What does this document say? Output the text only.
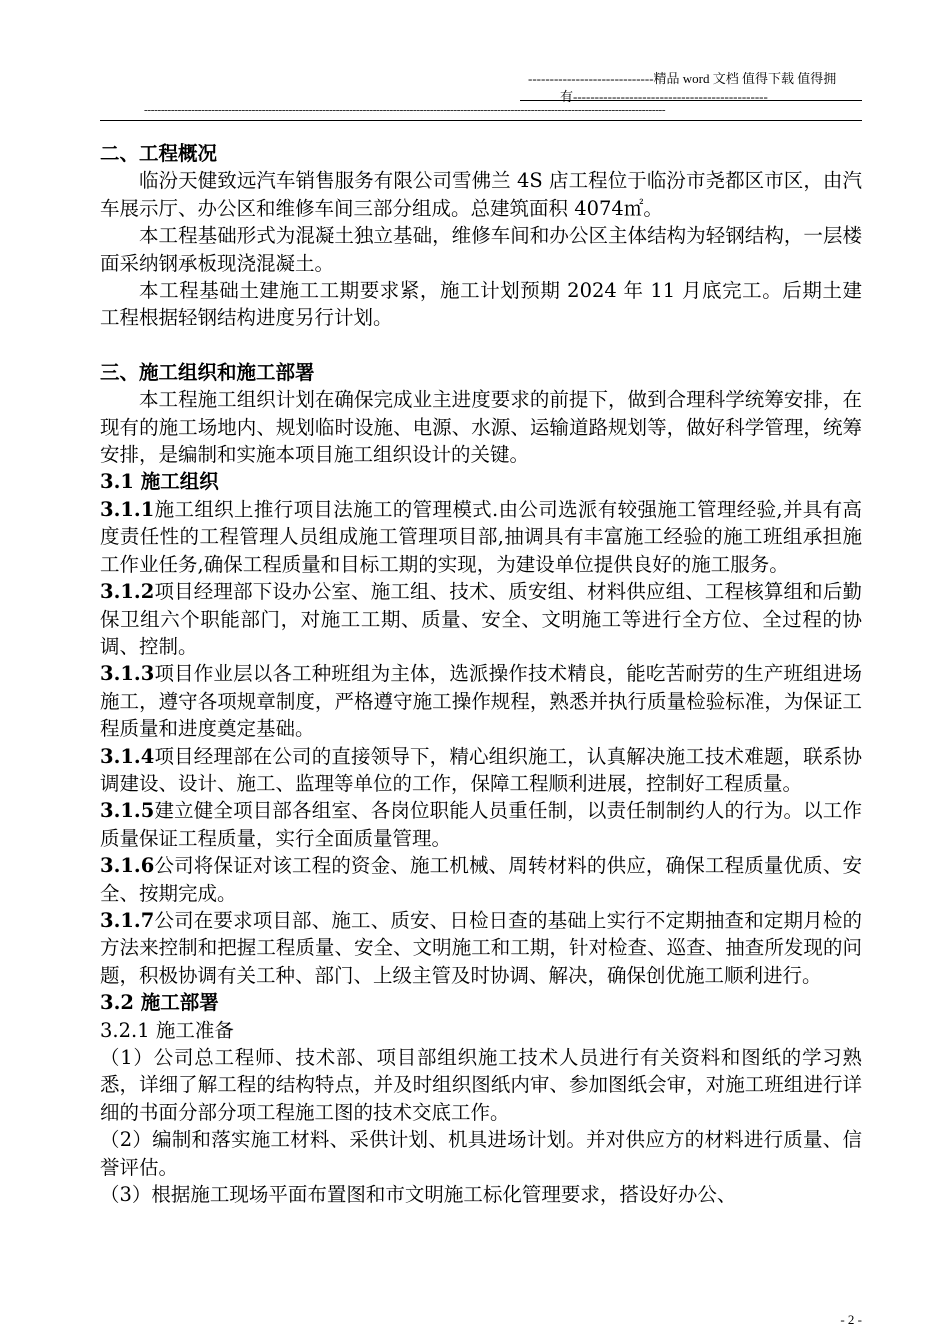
-----------------------------精品 word 文档 值得下载 值得拥
有---------------------------------------------
-----------------------------------------------------------------------------------------------------------------------------------------------------------

二、工程概况

临汾天健致远汽车销售服务有限公司雪佛兰 4S 店工程位于临汾市尧都区市区，由汽车展示厅、办公区和维修车间三部分组成。总建筑面积 4074㎡。

本工程基础形式为混凝土独立基础，维修车间和办公区主体结构为轻钢结构，一层楼面采纳钢承板现浇混凝土。

本工程基础土建施工工期要求紧，施工计划预期 2024 年 11 月底完工。后期土建工程根据轻钢结构进度另行计划。

三、施工组织和施工部署

本工程施工组织计划在确保完成业主进度要求的前提下，做到合理科学统筹安排，在现有的施工场地内、规划临时设施、电源、水源、运输道路规划等，做好科学管理，统筹安排，是编制和实施本项目施工组织设计的关键。

3.1 施工组织

3.1.1施工组织上推行项目法施工的管理模式.由公司选派有较强施工管理经验,并具有高度责任性的工程管理人员组成施工管理项目部,抽调具有丰富施工经验的施工班组承担施工作业任务,确保工程质量和目标工期的实现，为建设单位提供良好的施工服务。

3.1.2项目经理部下设办公室、施工组、技术、质安组、材料供应组、工程核算组和后勤保卫组六个职能部门，对施工工期、质量、安全、文明施工等进行全方位、全过程的协调、控制。

3.1.3项目作业层以各工种班组为主体，选派操作技术精良，能吃苦耐劳的生产班组进场施工，遵守各项规章制度，严格遵守施工操作规程，熟悉并执行质量检验标准，为保证工程质量和进度奠定基础。

3.1.4项目经理部在公司的直接领导下，精心组织施工，认真解决施工技术难题，联系协调建设、设计、施工、监理等单位的工作，保障工程顺利进展，控制好工程质量。

3.1.5建立健全项目部各组室、各岗位职能人员重任制，以责任制制约人的行为。以工作质量保证工程质量，实行全面质量管理。

3.1.6公司将保证对该工程的资金、施工机械、周转材料的供应，确保工程质量优质、安全、按期完成。

3.1.7公司在要求项目部、施工、质安、日检日查的基础上实行不定期抽查和定期月检的方法来控制和把握工程质量、安全、文明施工和工期，针对检查、巡查、抽查所发现的问题，积极协调有关工种、部门、上级主管及时协调、解决，确保创优施工顺利进行。

3.2 施工部署

3.2.1 施工准备

（1）公司总工程师、技术部、项目部组织施工技术人员进行有关资料和图纸的学习熟悉，详细了解工程的结构特点，并及时组织图纸内审、参加图纸会审，对施工班组进行详细的书面分部分项工程施工图的技术交底工作。

（2）编制和落实施工材料、采供计划、机具进场计划。并对供应方的材料进行质量、信誉评估。

（3）根据施工现场平面布置图和市文明施工标化管理要求，搭设好办公、

- 2 -
